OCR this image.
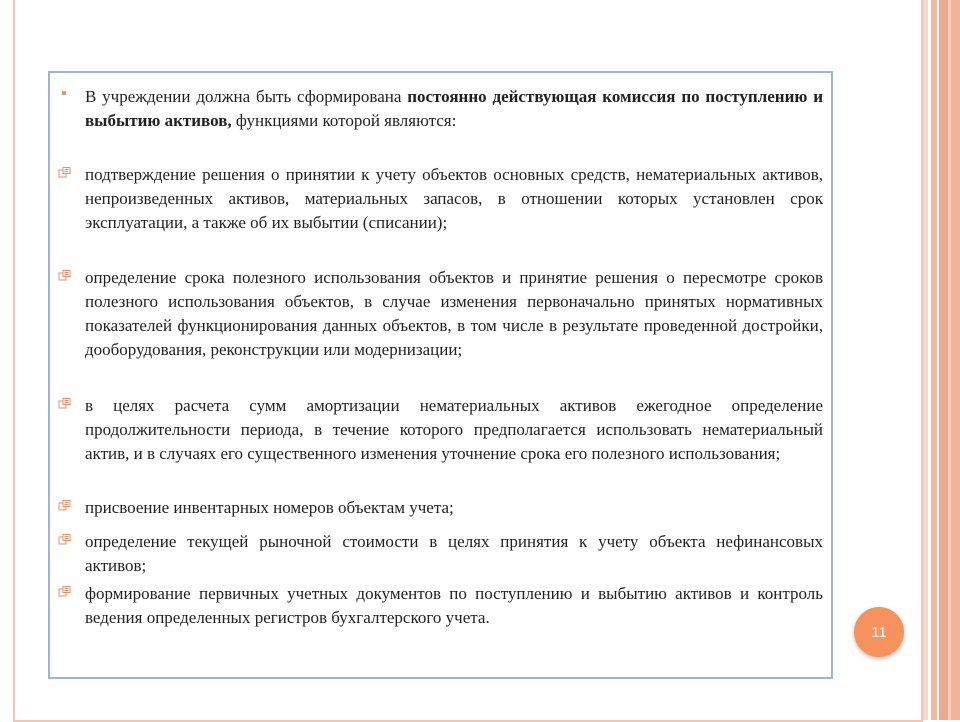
В учреждении должна быть сформирована постоянно действующая комиссия по поступлению и выбытию активов, функциями которой являются:
подтверждение решения о принятии к учету объектов основных средств, нематериальных активов, непроизведенных активов, материальных запасов, в отношении которых установлен срок эксплуатации, а также об их выбытии (списании);
определение срока полезного использования объектов и принятие решения о пересмотре сроков полезного использования объектов, в случае изменения первоначально принятых нормативных показателей функционирования данных объектов, в том числе в результате проведенной достройки, дооборудования, реконструкции или модернизации;
в целях расчета сумм амортизации нематериальных активов ежегодное определение продолжительности периода, в течение которого предполагается использовать нематериальный актив, и в случаях его существенного изменения уточнение срока его полезного использования;
присвоение инвентарных номеров объектам учета;
определение текущей рыночной стоимости в целях принятия к учету объекта нефинансовых активов;
формирование первичных учетных документов по поступлению и выбытию активов и контроль ведения определенных регистров бухгалтерского учета.
11
